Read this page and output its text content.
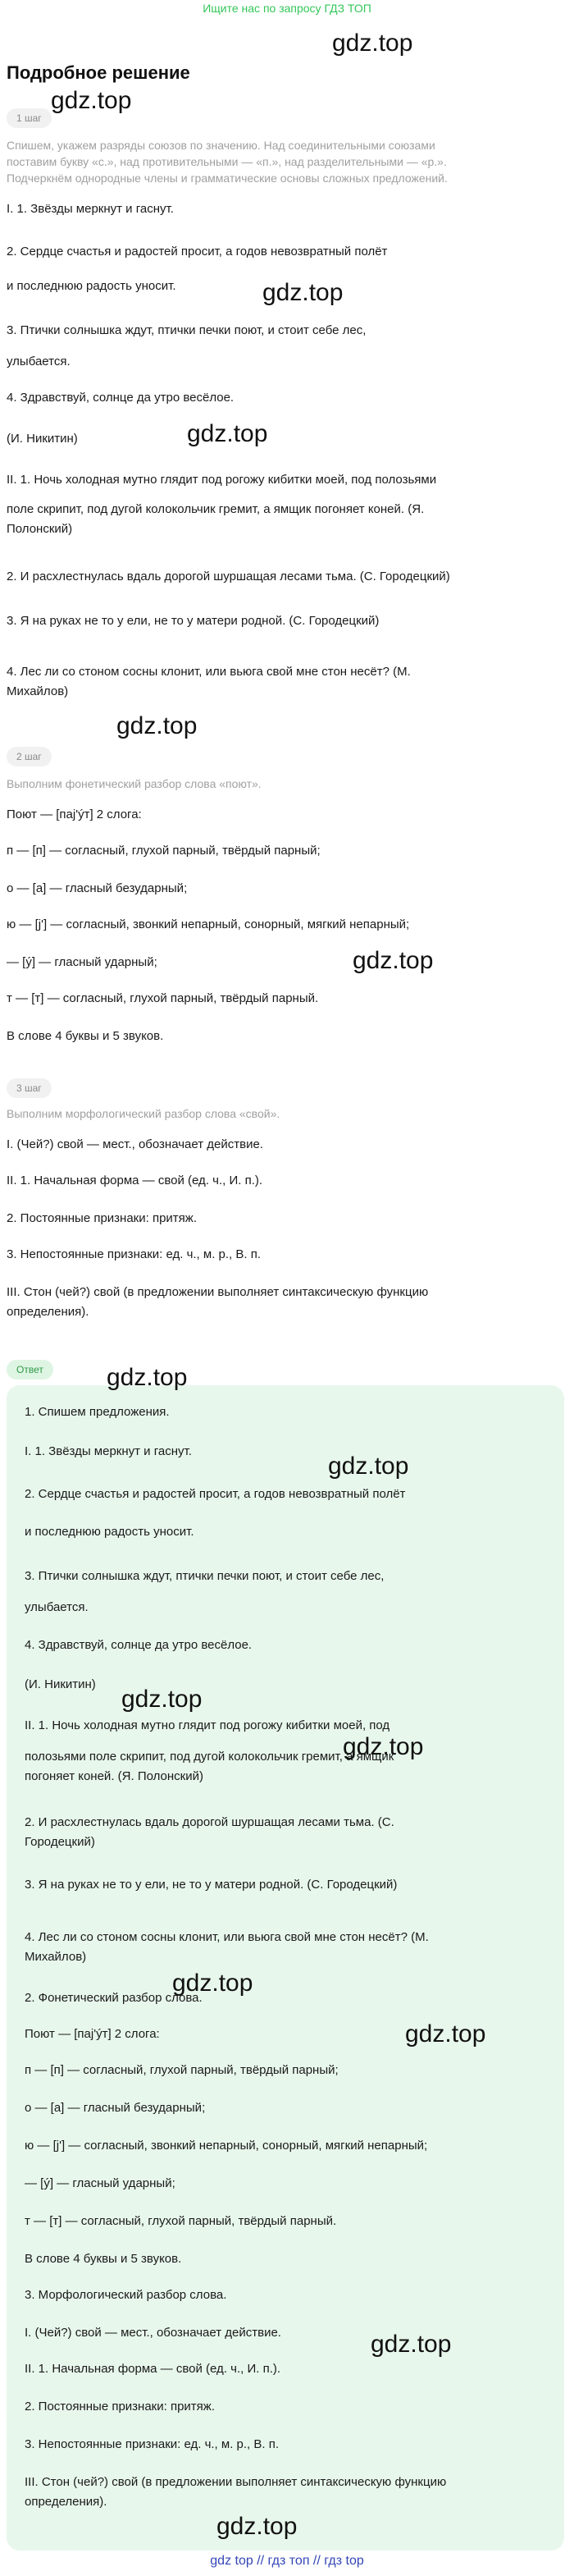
Ищите нас по запросу ГДЗ ТОП
gdz.top
Подробное решение
1 шаг
gdz.top
Спишем, укажем разряды союзов по значению. Над соединительными союзами
поставим букву «с.», над противительными — «п.», над разделительными — «р.».
Подчеркнём однородные члены и грамматические основы сложных предложений.
I. 1. Звёзды меркнут и гаснут.
2. Сердце счастья и радостей просит, а годов невозвратный полёт
gdz.top
и последнюю радость уносит.
3. Птички солнышка ждут, птички печки поют, и стоит себе лес,
улыбается.
4. Здравствуй, солнце да утро весёлое.
gdz.top
(И. Никитин)
II. 1. Ночь холодная мутно глядит под рогожу кибитки моей, под полозьями
поле скрипит, под дугой колокольчик гремит, а ямщик погоняет коней. (Я.
Полонский)
2. И расхлестнулась вдаль дорогой шуршащая лесами тьма. (С. Городецкий)
3. Я на руках не то у ели, не то у матери родной. (С. Городецкий)
4. Лес ли со стоном сосны клонит, или вьюга свой мне стон несёт? (М.
Михайлов)
gdz.top
2 шаг
Выполним фонетический разбор слова «поют».
Поют — [пaj'ýт] 2 слога:
п — [п] — согласный, глухой парный, твёрдый парный;
о — [а] — гласный безударный;
ю — [j'] — согласный, звонкий непарный, сонорный, мягкий непарный;
gdz.top
— [ý] — гласный ударный;
т — [т] — согласный, глухой парный, твёрдый парный.
В слове 4 буквы и 5 звуков.
3 шаг
Выполним морфологический разбор слова «свой».
I. (Чей?) свой — мест., обозначает действие.
II. 1. Начальная форма — свой (ед. ч., И. п.).
2. Постоянные признаки: притяж.
3. Непостоянные признаки: ед. ч., м. р., В. п.
III. Стон (чей?) свой (в предложении выполняет синтаксическую функцию
определения).
Ответ	gdz.top
1. Спишем предложения.
I. 1. Звёзды меркнут и гаснут.
gdz.top
2. Сердце счастья и радостей просит, а годов невозвратный полёт
и последнюю радость уносит.
3. Птички солнышка ждут, птички печки поют, и стоит себе лес,
улыбается.
4. Здравствуй, солнце да утро весёлое.
(И. Никитин)
gdz.top
II. 1. Ночь холодная мутно глядит под рогожу кибитки моей, под
полозьями поле скрипит, под дугой колокольчик гремит, а ямщик
gdz.top
погоняет коней. (Я. Полонский)
2. И расхлестнулась вдаль дорогой шуршащая лесами тьма. (С.
Городецкий)
3. Я на руках не то у ели, не то у матери родной. (С. Городецкий)
4. Лес ли со стоном сосны клонит, или вьюга свой мне стон несёт? (М.
Михайлов)
gdz.top
2. Фонетический разбор слова.
Поют — [пaj'ýт] 2 слога:	gdz.top
п — [п] — согласный, глухой парный, твёрдый парный;
о — [а] — гласный безударный;
ю — [j'] — согласный, звонкий непарный, сонорный, мягкий непарный;
— [ý] — гласный ударный;
т — [т] — согласный, глухой парный, твёрдый парный.
В слове 4 буквы и 5 звуков.
3. Морфологический разбор слова.
I. (Чей?) свой — мест., обозначает действие.	gdz.top
II. 1. Начальная форма — свой (ед. ч., И. п.).
2. Постоянные признаки: притяж.
3. Непостоянные признаки: ед. ч., м. р., В. п.
III. Стон (чей?) свой (в предложении выполняет синтаксическую функцию
определения).
gdz.top
gdz top // гдз топ // гдз top
